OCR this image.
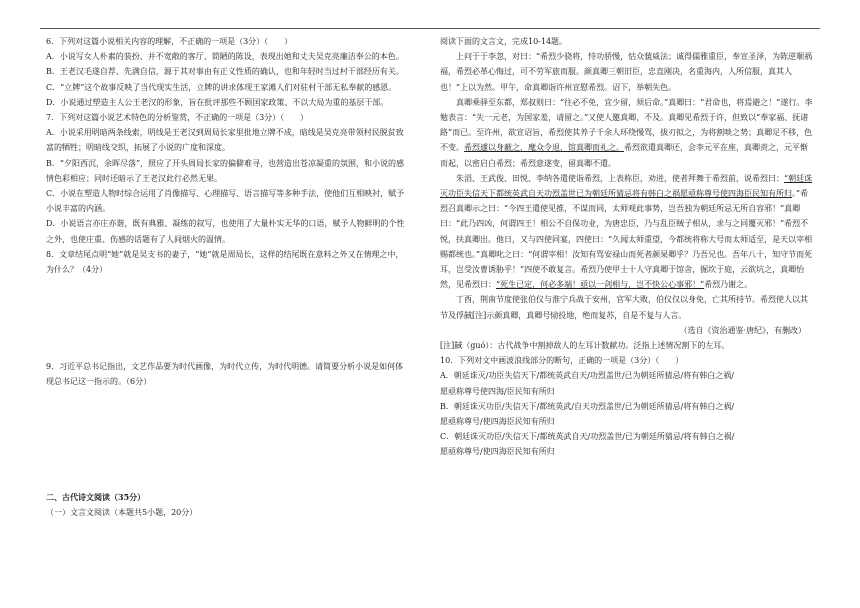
6．下列对这篇小说相关内容的理解，不正确的一项是（3分）（　　）

A．小说写女人朴素的装扮、并不宽敞的客厅、简陋的陈设，表现出她和丈夫吴克亮廉洁奉公的本色。

B．王老汉毛遂自荐、先满自信，源于其对事由有正义性质的确认，也和年轻时当过村干部经历有关。

C．“立牌”这个故事反映了当代现实生活，立牌的讲求体现王家滩人们对驻村干部无私奉献的感恩。

D．小说通过塑造主人公王老汉的形象，旨在批评那些不顾国家政策、不以大局为重的基层干部。

7．下列对这篇小说艺术特色的分析鉴赏，不正确的一项是（3分）（　　）

A．小说采用明暗两条线索，明线是王老汉到周局长家里批地立牌不成，暗线是吴克亮带领村民脱贫致富的牺牲；明暗线交织，拓展了小说的广度和深度。

B．“夕阳西沉，余晖尽落”，照应了开头周局长家的偏僻难寻，也营造出苍凉凝重的氛围，和小说的感情色彩相应；同时还暗示了王老汉此行必然无果。

C．小说在塑造人物时综合运用了肖像描写、心理描写、语言描写等多种手法，使他们互相映衬，赋予小说丰富的内涵。

D．小说语言亦庄亦谐，既有典雅、凝练的叙写，也使用了大量朴实无华的口语，赋予人物鲜明的个性之外，也使庄重、伤感的话题有了人间烟火的温情。

8．文章结尾点明“她”就是吴支书的妻子，“她”就是周局长，这样的结尾既在意料之外又在情理之中，为什么？（4分）

9．习近平总书记指出，文艺作品要为时代画像，为时代立传，为时代明德。请简要分析小说是如何体现总书记这一指示的。（6分）

二、古代诗文阅读（35分）

（一）文言文阅读（本题共5小题，20分）

阅读下面的文言文，完成10-14题。

上问于于李忽，对曰：“希烈少骁将，恃功骄慢，怙众藐威法；诚得儒雅重臣，奉宣圣泽，为陈逆顺祸福，希烈必革心悔过，可不劳军旅而服。颜真卿三朝旧臣，忠直刚决，名重海内，人所信服，真其人也！”上以为然。甲午，命真卿诣许州宣慰希烈。诏下，举朝失色。

真卿乘驿至东都，郑叔则曰：“往必不免，宜少留，须后命。”真卿曰：“君命也，将焉避之！”遂行。李勉表言：“失一元老，为国家羞，请留之。”又使人邀真卿，不及。真卿见希烈于许，但致以“奉家福、抚诸路”而已。至许州，欲宣诏旨，希烈使其养子千余人环绕慢骂，拔刃拟之，为将割啖之势；真卿足不移，色不变。希烈遽以身蔽之，麾众令退，馆真卿而礼之。希烈欲遣真卿还，会李元平在座，真卿责之，元平惭而起，以密启白希烈；希烈意遂变，留真卿不遣。

朱滔、王武俊、田悦、李纳各遣使诣希烈，上表称臣，劝进，使者拜舞于希烈前，说希烈曰：“朝廷诛灭功臣失信天下都统英武自天功烈盖世已为朝廷所猜忌将有韩白之祸愿亟称尊号使四海臣民知有所归。”希烈召真卿示之曰：“今四王遣使见推，不谋而同，太师观此事势，岂吾独为朝廷所忌无所自容邪！”真卿曰：“此乃四凶，何谓四王！相公不自保功业，为唐忠臣，乃与乱臣贼子相从，求与之同覆灭邪！”希烈不悦，扶真卿出。他日，又与四使同宴，四使曰：“久闻太师重望，今都统将称大号而太师适至，是天以宰相赐都统也。”真卿叱之曰：“何谓宰相！汝知有骂安禄山而死者颜杲卿乎？乃吾兄也。吾年八十，知守节而死耳，岂受汝曹诱胁乎！”四使不敢复言。希烈乃使甲士十人守真卿于馆舍，掘坎于庭，云欲坑之，真卿怡然，见希烈曰：“死生已定，何必多端！亟以一剑相与，岂不快公心事邪！”希烈乃谢之。

丁酉，荆南节度使张伯仪与淮宁兵战于安州，官军大败，伯仪仅以身免，亡其所持节。希烈使人以其节及俘馘[注]示颜真卿，真卿号恸投地，绝而复苏，自是不复与人言。

（选自《资治通鉴·唐纪》，有删改）

[注]馘（guó）：古代战争中割掉敌人的左耳计数献功。泛指上述情况割下的左耳。

10．下列对文中画波浪线部分的断句，正确的一项是（3分）（　　）

A．朝廷诛灭/功臣失信天下/都统英武自天/功烈盖世/已为朝廷所猜忌/将有韩白之祸/

愿亟称尊号使四海/臣民知有所归

B．朝廷诛灭功臣/失信天下/都统英武/自天功烈盖世/已为朝廷所猜忌/将有韩白之祸/

愿亟称尊号/使四海臣民知有所归

C．朝廷诛灭功臣/失信天下/都统英武自天/功烈盖世/已为朝廷所猜忌/将有韩白之祸/

愿亟称尊号/使四海臣民知有所归
